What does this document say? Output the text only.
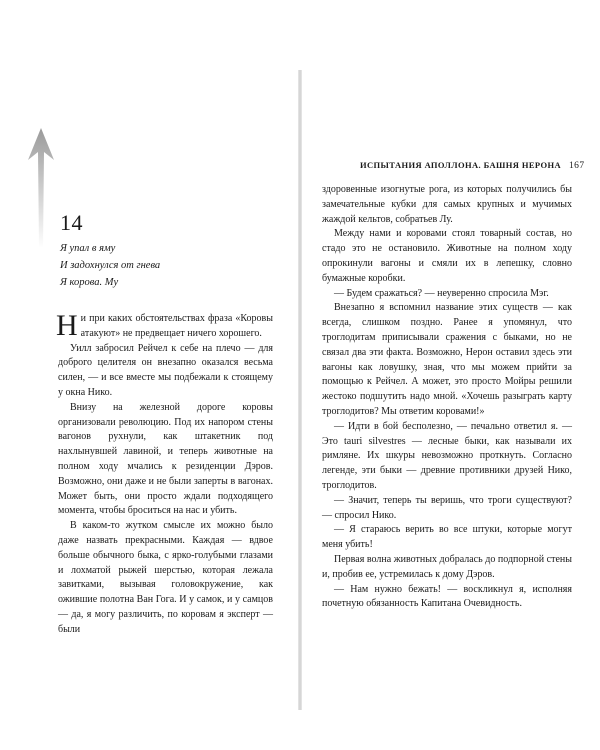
14
Я упал в яму
И задохнулся от гнева
Я корова. Му

Ни при каких обстоятельствах фраза «Коровы атакуют» не предвещает ничего хорошего.

Уилл забросил Рейчел к себе на плечо — для доброго целителя он внезапно оказался весьма силен, — и все вместе мы подбежали к стоящему у окна Нико.

Внизу на железной дороге коровы организовали революцию. Под их напором стены вагонов рухнули, как штакетник под нахлынувшей лавиной, и теперь животные на полном ходу мчались к резиденции Дэров. Возможно, они даже и не были заперты в вагонах. Может быть, они просто ждали подходящего момента, чтобы броситься на нас и убить.

В каком-то жутком смысле их можно было даже назвать прекрасными. Каждая — вдвое больше обычного быка, с ярко-голубыми глазами и лохматой рыжей шерстью, которая лежала завитками, вызывая головокружение, как ожившие полотна Ван Гога. И у самок, и у самцов — да, я могу различить, по коровам я эксперт — были

ИСПЫТАНИЯ АПОЛЛОНА. БАШНЯ НЕРОНА 167

здоровенные изогнутые рога, из которых получились бы замечательные кубки для самых крупных и мучимых жаждой кельтов, собратьев Лу.

Между нами и коровами стоял товарный состав, но стадо это не остановило. Животные на полном ходу опрокинули вагоны и смяли их в лепешку, словно бумажные коробки.

— Будем сражаться? — неуверенно спросила Мэг.

Внезапно я вспомнил название этих существ — как всегда, слишком поздно. Ранее я упомянул, что троглодитам приписывали сражения с быками, но не связал два эти факта. Возможно, Нерон оставил здесь эти вагоны как ловушку, зная, что мы можем прийти за помощью к Рейчел. А может, это просто Мойры решили жестоко подшутить надо мной. «Хочешь разыграть карту троглодитов? Мы ответим коровами!»

— Идти в бой бесполезно, — печально ответил я. — Это tauri silvestres — лесные быки, как называли их римляне. Их шкуры невозможно проткнуть. Согласно легенде, эти быки — древние противники друзей Нико, троглодитов.

— Значит, теперь ты веришь, что троги существуют? — спросил Нико.

— Я стараюсь верить во все штуки, которые могут меня убить!

Первая волна животных добралась до подпорной стены и, пробив ее, устремилась к дому Дэров.

— Нам нужно бежать! — воскликнул я, исполняя почетную обязанность Капитана Очевидность.
